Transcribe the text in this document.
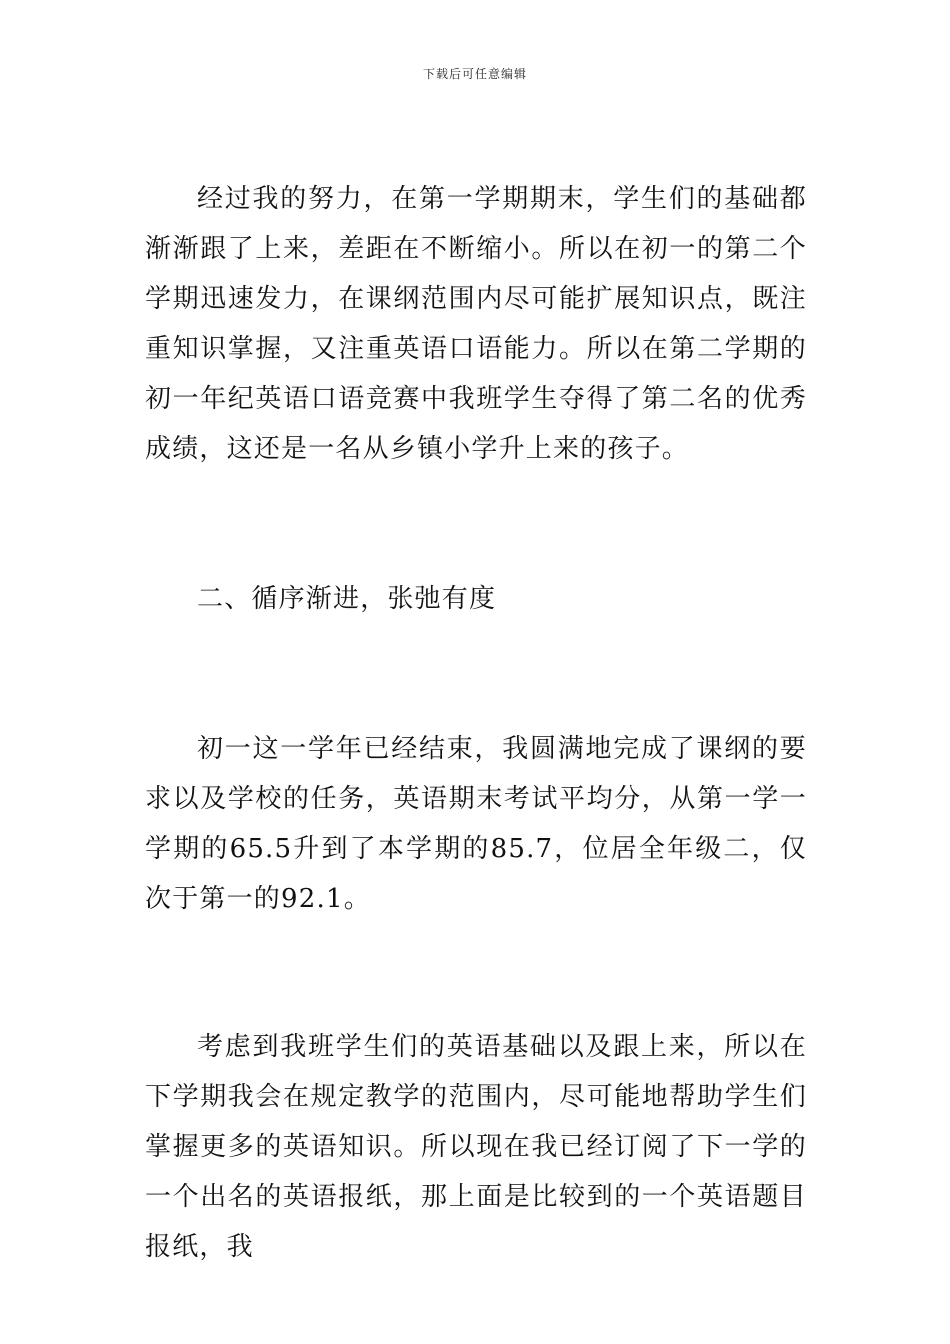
下载后可任意编辑

经过我的努力，在第一学期期末，学生们的基础都渐渐跟了上来，差距在不断缩小。所以在初一的第二个学期迅速发力，在课纲范围内尽可能扩展知识点，既注重知识掌握，又注重英语口语能力。所以在第二学期的初一年纪英语口语竞赛中我班学生夺得了第二名的优秀成绩，这还是一名从乡镇小学升上来的孩子。

二、循序渐进，张弛有度

初一这一学年已经结束，我圆满地完成了课纲的要求以及学校的任务，英语期末考试平均分，从第一学一学期的65.5升到了本学期的85.7，位居全年级二，仅次于第一的92.1。

考虑到我班学生们的英语基础以及跟上来，所以在下学期我会在规定教学的范围内，尽可能地帮助学生们掌握更多的英语知识。所以现在我已经订阅了下一学的一个出名的英语报纸，那上面是比较到的一个英语题目报纸，我
